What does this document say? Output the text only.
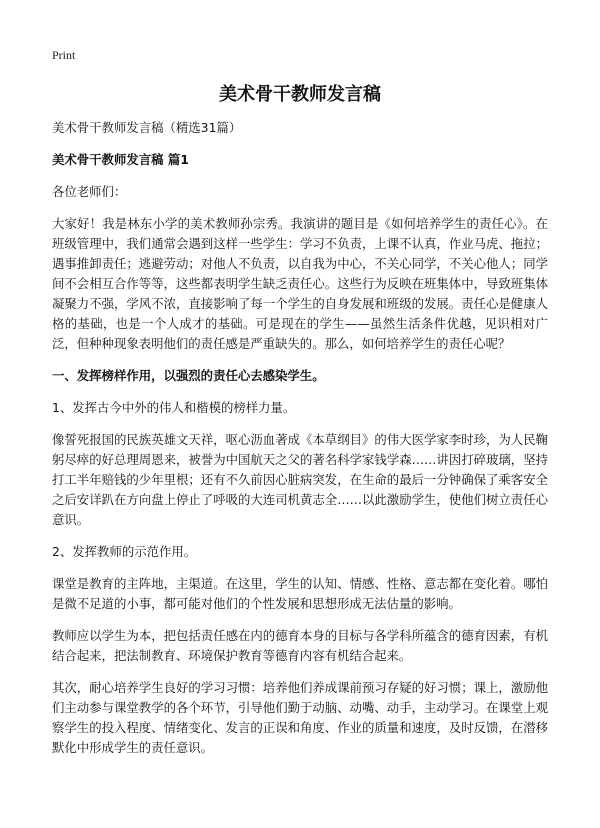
Print
美术骨干教师发言稿

美术骨干教师发言稿（精选31篇）

美术骨干教师发言稿 篇1

各位老师们：

大家好！我是林东小学的美术教师孙宗秀。我演讲的题目是《如何培养学生的责任心》。在班级管理中，我们通常会遇到这样一些学生：学习不负责，上课不认真，作业马虎、拖拉；遇事推卸责任；逃避劳动；对他人不负责，以自我为中心，不关心同学，不关心他人；同学间不会相互合作等等，这些都表明学生缺乏责任心。这些行为反映在班集体中，导致班集体凝聚力不强，学风不浓，直接影响了每一个学生的自身发展和班级的发展。责任心是健康人格的基础，也是一个人成才的基础。可是现在的学生——虽然生活条件优越，见识相对广泛，但种种现象表明他们的责任感是严重缺失的。那么，如何培养学生的责任心呢？

一、发挥榜样作用，以强烈的责任心去感染学生。

1、发挥古今中外的伟人和楷模的榜样力量。

像誓死报国的民族英雄文天祥，呕心沥血著成《本草纲目》的伟大医学家李时珍，为人民鞠躬尽瘁的好总理周恩来，被誉为中国航天之父的著名科学家钱学森……讲因打碎玻璃，坚持打工半年赔钱的少年里根；还有不久前因心脏病突发，在生命的最后一分钟确保了乘客安全之后安详趴在方向盘上停止了呼吸的大连司机黄志全……以此激励学生，使他们树立责任心意识。

2、发挥教师的示范作用。

课堂是教育的主阵地，主渠道。在这里，学生的认知、情感、性格、意志都在变化着。哪怕是微不足道的小事，都可能对他们的个性发展和思想形成无法估量的影响。

教师应以学生为本，把包括责任感在内的德育本身的目标与各学科所蕴含的德育因素，有机结合起来，把法制教育、环境保护教育等德育内容有机结合起来。

其次，耐心培养学生良好的学习习惯：培养他们养成课前预习存疑的好习惯；课上，激励他们主动参与课堂教学的各个环节，引导他们勤于动脑、动嘴、动手，主动学习。在课堂上观察学生的投入程度、情绪变化、发言的正误和角度、作业的质量和速度，及时反馈，在潜移默化中形成学生的责任意识。
